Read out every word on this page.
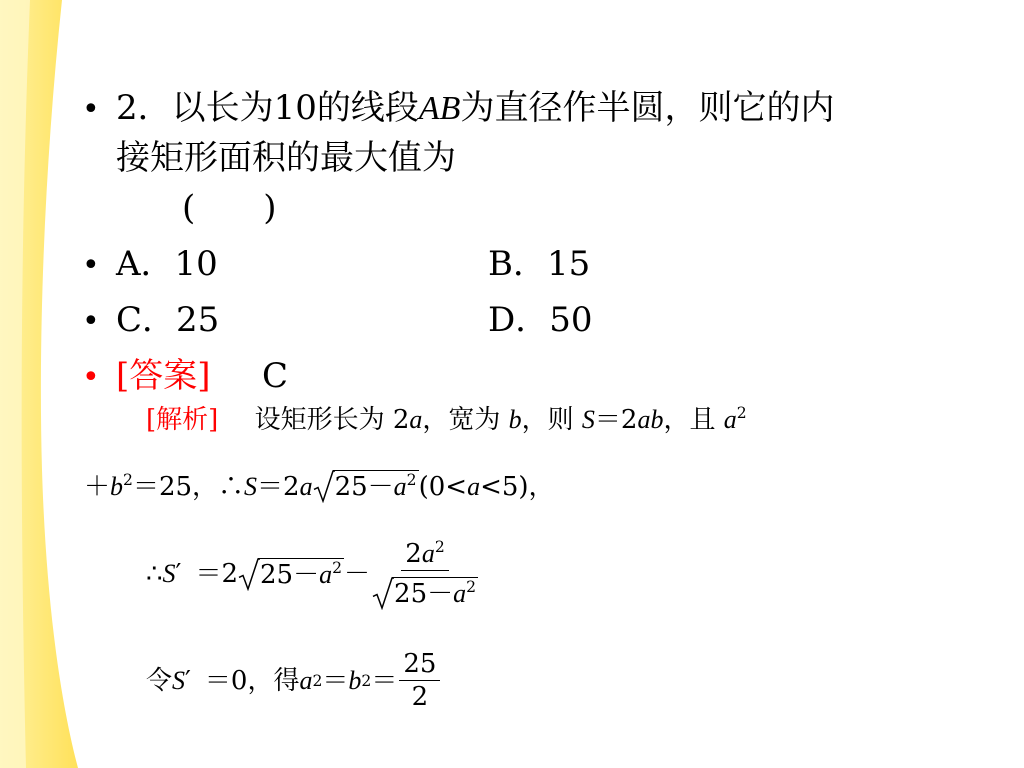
• 2．以长为10的线段AB为直径作半圆，则它的内
接矩形面积的最大值为
(　　)
• A．10	B．15
• C．25	D．50
• [答案] C
[解析] 设矩形长为 2a，宽为 b，则 S＝2ab，且 $a^2$
$+b^2=25$，∴S＝2a $25-a^2(0<a<5)$，
∴ S ′ ＝2 $25-a^2 - \frac{2a^2}{25-a^2}$
令 S ′ ＝0，得 a 2 ＝ b $2 = \frac{25}{2}$
